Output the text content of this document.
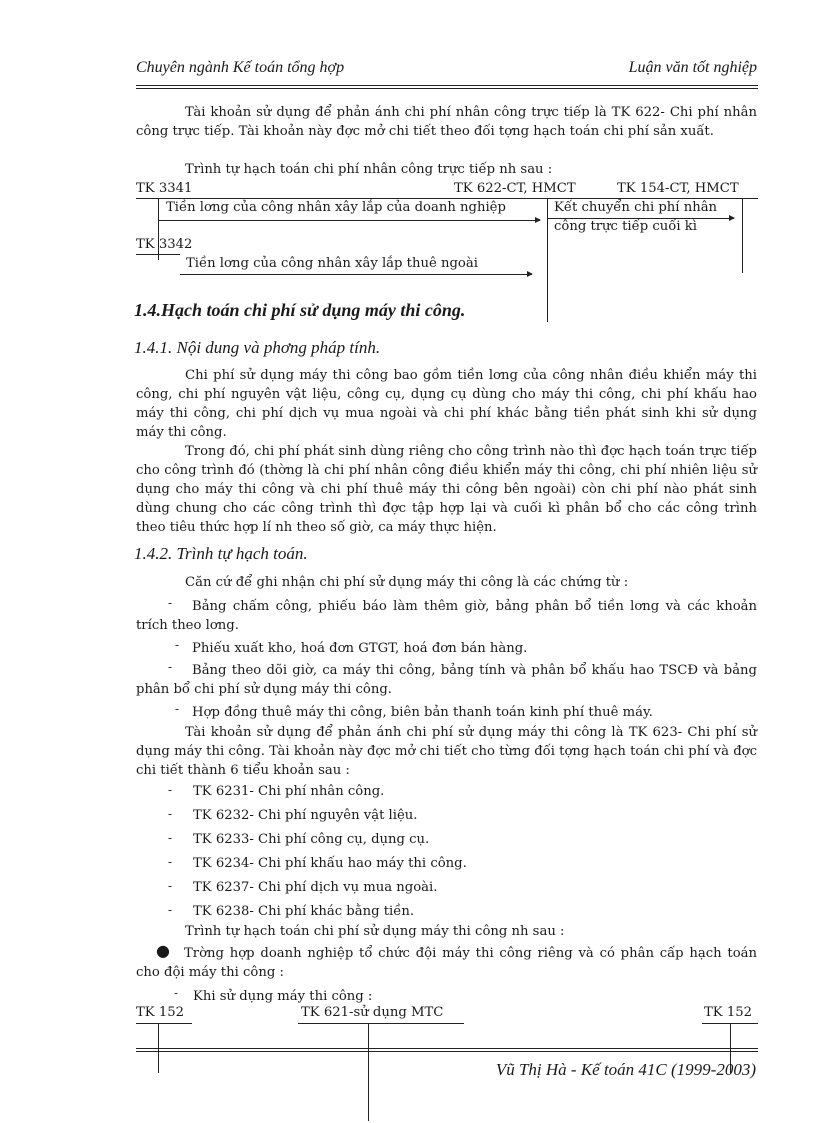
Chuyên ngành Kế toán tổng hợp	Luận văn tốt nghiệp
Tài khoản sử dụng để phản ánh chi phí nhân công trực tiếp là TK 622- Chi phí nhân công trực tiếp. Tài khoản này đợc mở chi tiết theo đối tợng hạch toán chi phí sản xuất.
Trình tự hạch toán chi phí nhân công trực tiếp nh sau :
TK 3341	TK 622-CT, HMCT	TK 154-CT, HMCT
Tiền lơng của công nhân xây lắp của doanh nghiệp	Kết chuyển chi phí nhân
công trực tiếp cuối kì
TK 3342
Tiền lơng của công nhân xây lắp thuê ngoài
1.4.Hạch toán chi phí sử dụng máy thi công.
1.4.1. Nội dung và phơng pháp tính.
Chi phí sử dụng máy thi công bao gồm tiền lơng của công nhân điều khiển máy thi công, chi phí nguyên vật liệu, công cụ, dụng cụ dùng cho máy thi công, chi phí khấu hao máy thi công, chi phí dịch vụ mua ngoài và chi phí khác bằng tiền phát sinh khi sử dụng máy thi công.
Trong đó, chi phí phát sinh dùng riêng cho công trình nào thì đợc hạch toán trực tiếp cho công trình đó (thờng là chi phí nhân công điều khiển máy thi công, chi phí nhiên liệu sử dụng cho máy thi công và chi phí thuê máy thi công bên ngoài) còn chi phí nào phát sinh dùng chung cho các công trình thì đợc tập hợp lại và cuối kì phân bổ cho các công trình theo tiêu thức hợp lí nh theo số giờ, ca máy thực hiện.
1.4.2. Trình tự hạch toán.
Căn cứ để ghi nhận chi phí sử dụng máy thi công là các chứng từ :
-	Bảng chấm công, phiếu báo làm thêm giờ, bảng phân bổ tiền lơng và các khoản trích theo lơng.
- Phiếu xuất kho, hoá đơn GTGT, hoá đơn bán hàng.
-	Bảng theo dõi giờ, ca máy thi công, bảng tính và phân bổ khấu hao TSCĐ và bảng phân bổ chi phí sử dụng máy thi công.
- Hợp đồng thuê máy thi công, biên bản thanh toán kinh phí thuê máy.
Tài khoản sử dụng để phản ánh chi phí sử dụng máy thi công là TK 623- Chi phí sử dụng máy thi công. Tài khoản này đợc mở chi tiết cho từng đối tợng hạch toán chi phí và đợc chi tiết thành 6 tiểu khoản sau :
- TK 6231- Chi phí nhân công.
- TK 6232- Chi phí nguyên vật liệu.
- TK 6233- Chi phí công cụ, dụng cụ.
- TK 6234- Chi phí khấu hao máy thi công.
- TK 6237- Chi phí dịch vụ mua ngoài.
- TK 6238- Chi phí khác bằng tiền.
Trình tự hạch toán chi phí sử dụng máy thi công nh sau :
●	Trờng hợp doanh nghiệp tổ chức đội máy thi công riêng và có phân cấp hạch toán cho đội máy thi công :
-	Khi sử dụng máy thi công :
TK 152	TK 621-sử dụng MTC	TK 152
Vũ Thị Hà - Kế toán 41C (1999-2003)
